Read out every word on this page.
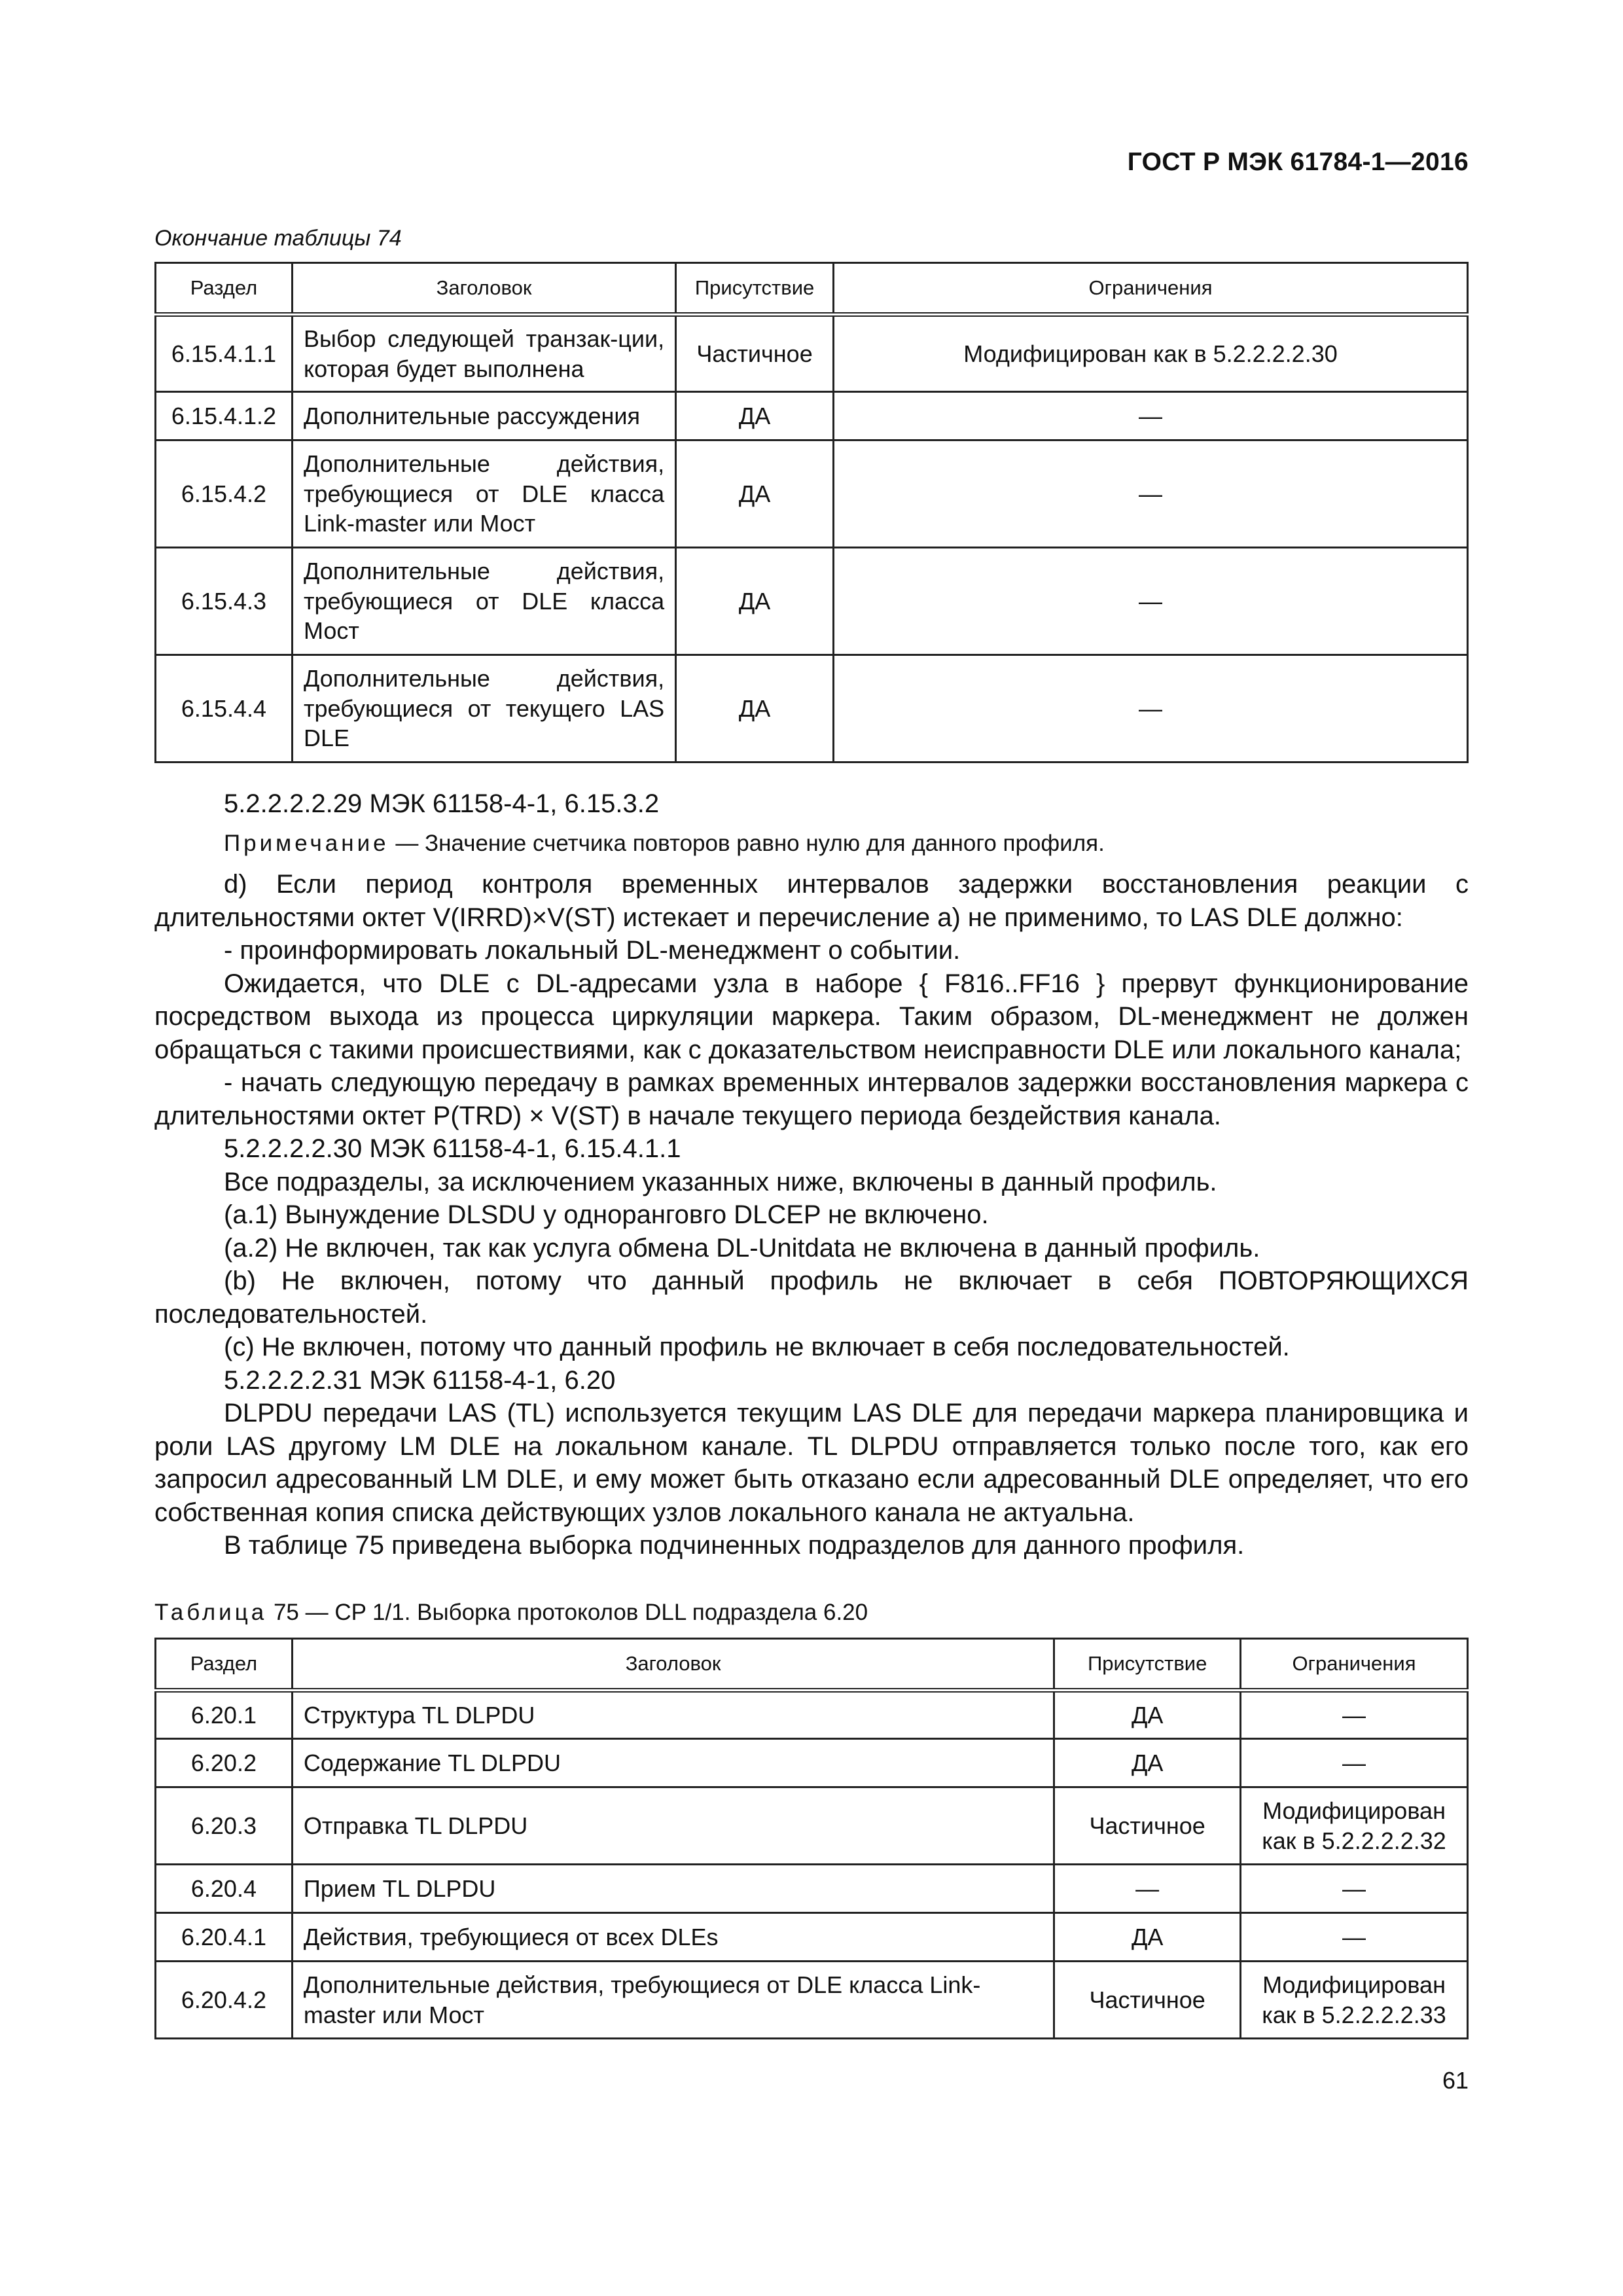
ГОСТ Р МЭК 61784-1—2016
Окончание таблицы 74
Раздел	Заголовок	Присутствие	Ограничения
6.15.4.1.1	Выбор следующей транзак-ции, которая будет выполнена	Частичное	Модифицирован как в 5.2.2.2.2.30
6.15.4.1.2	Дополнительные рассуждения	ДА	—
6.15.4.2	Дополнительные действия, требующиеся от DLE класса Link-master или Мост	ДА	—
6.15.4.3	Дополнительные действия, требующиеся от DLE класса Мост	ДА	—
6.15.4.4	Дополнительные действия, требующиеся от текущего LAS DLE	ДА	—

5.2.2.2.2.29 МЭК 61158-4-1, 6.15.3.2

Примечание — Значение счетчика повторов равно нулю для данного профиля.

d) Если период контроля временных интервалов задержки восстановления реакции с длительностями октет V(IRRD)×V(ST) истекает и перечисление а) не применимо, то LAS DLE должно:

- проинформировать локальный DL-менеджмент о событии.

Ожидается, что DLE с DL-адресами узла в наборе { F816..FF16 } прервут функционирование посредством выхода из процесса циркуляции маркера. Таким образом, DL-менеджмент не должен обращаться с такими происшествиями, как с доказательством неисправности DLE или локального канала;

- начать следующую передачу в рамках временных интервалов задержки восстановления маркера с длительностями октет P(TRD) × V(ST) в начале текущего периода бездействия канала.

5.2.2.2.2.30 МЭК 61158-4-1, 6.15.4.1.1

Все подразделы, за исключением указанных ниже, включены в данный профиль.

(a.1) Вынуждение DLSDU у одноранговго DLCEP не включено.

(a.2) Не включен, так как услуга обмена DL-Unitdata не включена в данный профиль.

(b) Не включен, потому что данный профиль не включает в себя ПОВТОРЯЮЩИХСЯ последовательностей.

(c) Не включен, потому что данный профиль не включает в себя последовательностей.

5.2.2.2.2.31 МЭК 61158-4-1, 6.20

DLPDU передачи LAS (TL) используется текущим LAS DLE для передачи маркера планировщика и роли LAS другому LM DLE на локальном канале. TL DLPDU отправляется только после того, как его запросил адресованный LM DLE, и ему может быть отказано если адресованный DLE определяет, что его собственная копия списка действующих узлов локального канала не актуальна.

В таблице 75 приведена выборка подчиненных подразделов для данного профиля.

Таблица 75 — CP 1/1. Выборка протоколов DLL подраздела 6.20
Раздел	Заголовок	Присутствие	Ограничения
6.20.1	Структура TL DLPDU	ДА	—
6.20.2	Содержание TL DLPDU	ДА	—
6.20.3	Отправка TL DLPDU	Частичное	Модифицирован как в 5.2.2.2.2.32
6.20.4	Прием TL DLPDU	—	—
6.20.4.1	Действия, требующиеся от всех DLEs	ДА	—
6.20.4.2	Дополнительные действия, требующиеся от DLE класса Link-master или Мост	Частичное	Модифицирован как в 5.2.2.2.2.33
61
